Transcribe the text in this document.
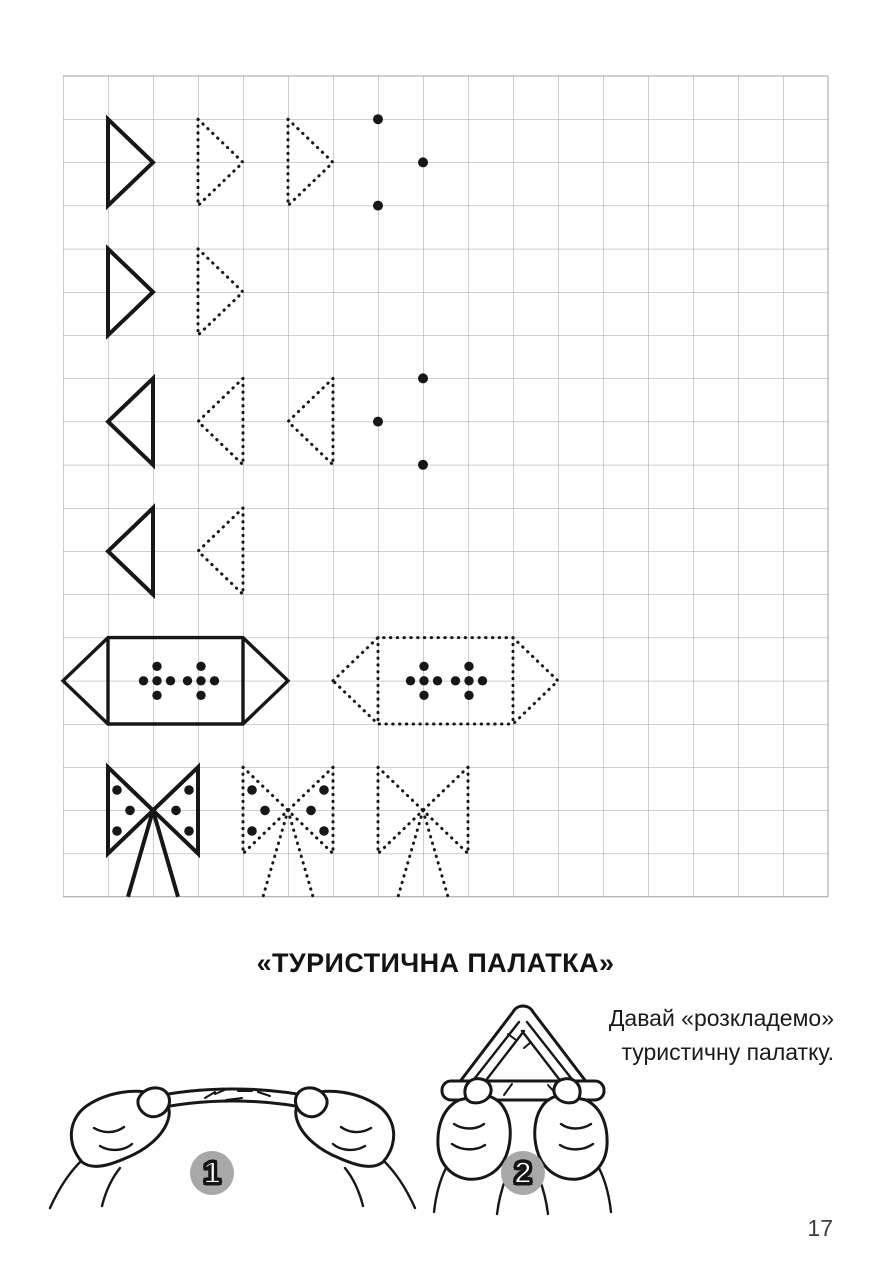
«ТУРИСТИЧНА ПАЛАТКА»
Давай «розкладемо»
туристичну палатку.
1	2
17
